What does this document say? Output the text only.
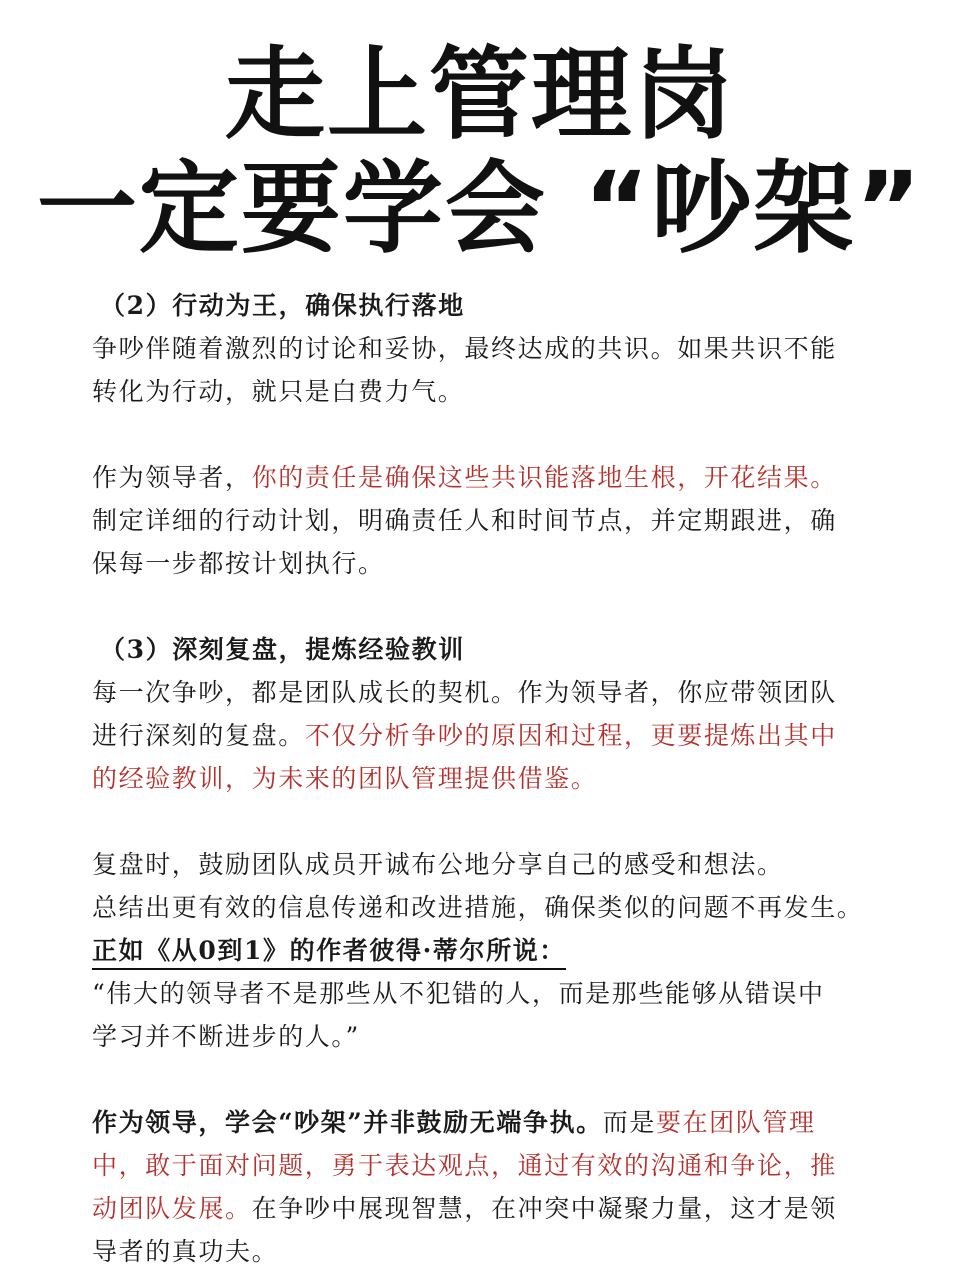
走上管理岗
一定要学会 “吵架”
（2）行动为王，确保执行落地
争吵伴随着激烈的讨论和妥协，最终达成的共识。如果共识不能
转化为行动，就只是白费力气。
作为领导者，你的责任是确保这些共识能落地生根，开花结果。
制定详细的行动计划，明确责任人和时间节点，并定期跟进，确
保每一步都按计划执行。
（3）深刻复盘，提炼经验教训
每一次争吵，都是团队成长的契机。作为领导者，你应带领团队
进行深刻的复盘。不仅分析争吵的原因和过程，更要提炼出其中
的经验教训，为未来的团队管理提供借鉴。
复盘时，鼓励团队成员开诚布公地分享自己的感受和想法。
总结出更有效的信息传递和改进措施，确保类似的问题不再发生。
正如《从0到1》的作者彼得·蒂尔所说：
“伟大的领导者不是那些从不犯错的人，而是那些能够从错误中
学习并不断进步的人。”
作为领导，学会“吵架”并非鼓励无端争执。而是要在团队管理
中，敢于面对问题，勇于表达观点，通过有效的沟通和争论，推
动团队发展。在争吵中展现智慧，在冲突中凝聚力量，这才是领
导者的真功夫。
